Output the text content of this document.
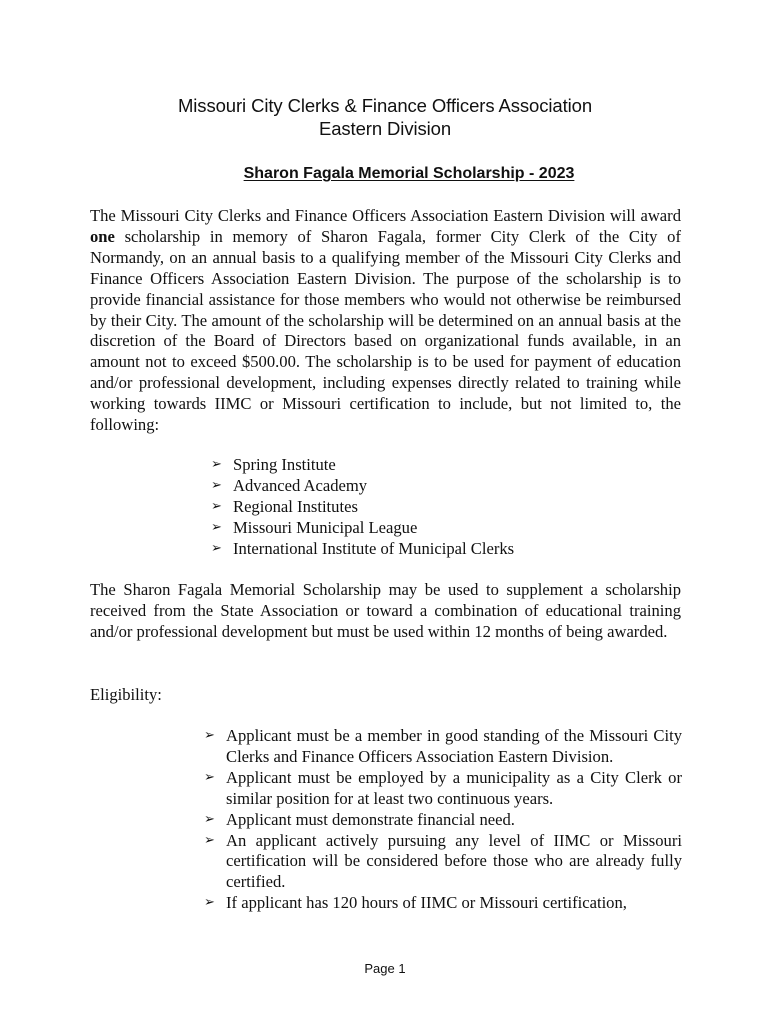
Missouri City Clerks & Finance Officers Association
Eastern Division
Sharon Fagala Memorial Scholarship - 2023
The Missouri City Clerks and Finance Officers Association Eastern Division will award one scholarship in memory of Sharon Fagala, former City Clerk of the City of Normandy, on an annual basis to a qualifying member of the Missouri City Clerks and Finance Officers Association Eastern Division. The purpose of the scholarship is to provide financial assistance for those members who would not otherwise be reimbursed by their City. The amount of the scholarship will be determined on an annual basis at the discretion of the Board of Directors based on organizational funds available, in an amount not to exceed $500.00. The scholarship is to be used for payment of education and/or professional development, including expenses directly related to training while working towards IIMC or Missouri certification to include, but not limited to, the following:
➢ Spring Institute
➢ Advanced Academy
➢ Regional Institutes
➢ Missouri Municipal League
➢ International Institute of Municipal Clerks
The Sharon Fagala Memorial Scholarship may be used to supplement a scholarship received from the State Association or toward a combination of educational training and/or professional development but must be used within 12 months of being awarded.
Eligibility:
➢ Applicant must be a member in good standing of the Missouri City Clerks and Finance Officers Association Eastern Division.
➢ Applicant must be employed by a municipality as a City Clerk or similar position for at least two continuous years.
➢ Applicant must demonstrate financial need.
➢ An applicant actively pursuing any level of IIMC or Missouri certification will be considered before those who are already fully certified.
➢ If applicant has 120 hours of IIMC or Missouri certification,
Page 1
